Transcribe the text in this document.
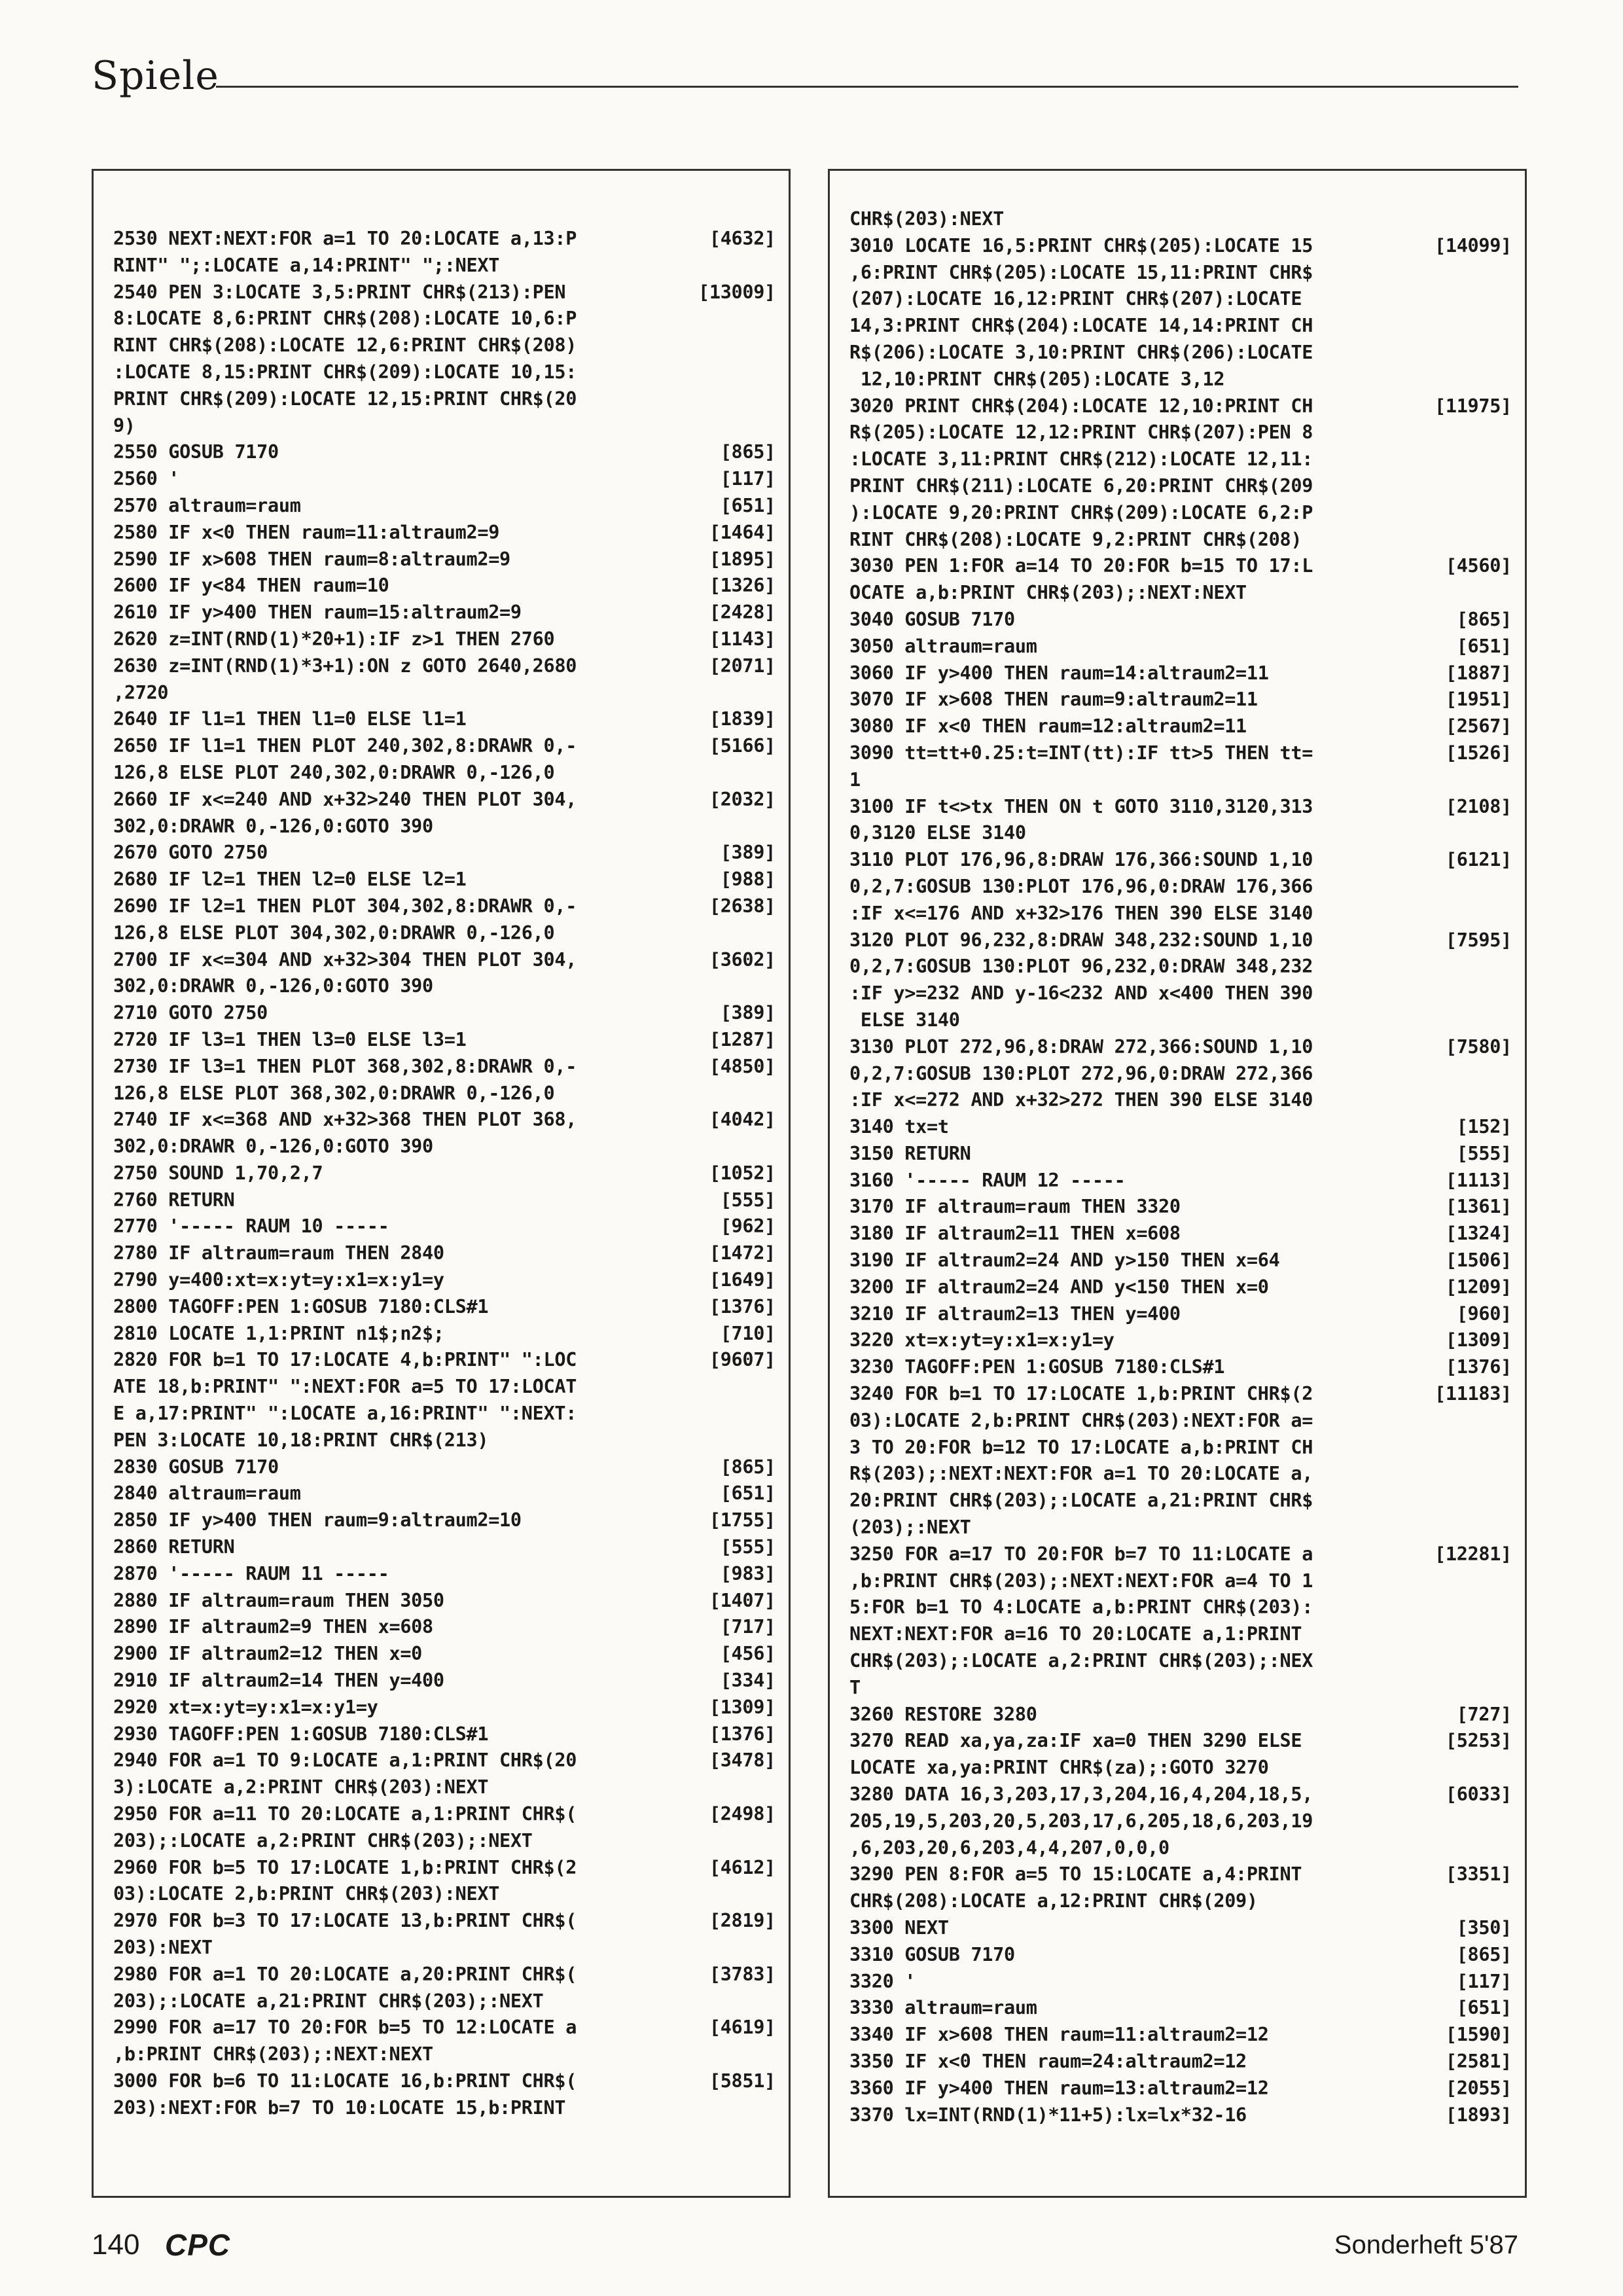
Spiele
2530 NEXT:NEXT:FOR a=1 TO 20:LOCATE a,13:P	[4632]
RINT" ";:LOCATE a,14:PRINT" ";:NEXT
2540 PEN 3:LOCATE 3,5:PRINT CHR$(213):PEN	[13009]
8:LOCATE 8,6:PRINT CHR$(208):LOCATE 10,6:P
RINT CHR$(208):LOCATE 12,6:PRINT CHR$(208)
:LOCATE 8,15:PRINT CHR$(209):LOCATE 10,15:
PRINT CHR$(209):LOCATE 12,15:PRINT CHR$(20
9)
2550 GOSUB 7170	[865]
2560 '	[117]
2570 altraum=raum	[651]
2580 IF x<0 THEN raum=11:altraum2=9	[1464]
2590 IF x>608 THEN raum=8:altraum2=9	[1895]
2600 IF y<84 THEN raum=10	[1326]
2610 IF y>400 THEN raum=15:altraum2=9	[2428]
2620 z=INT(RND(1)*20+1):IF z>1 THEN 2760	[1143]
2630 z=INT(RND(1)*3+1):ON z GOTO 2640,2680	[2071]
,2720
2640 IF l1=1 THEN l1=0 ELSE l1=1	[1839]
2650 IF l1=1 THEN PLOT 240,302,8:DRAWR 0,-	[5166]
126,8 ELSE PLOT 240,302,0:DRAWR 0,-126,0
2660 IF x<=240 AND x+32>240 THEN PLOT 304,	[2032]
302,0:DRAWR 0,-126,0:GOTO 390
2670 GOTO 2750	[389]
2680 IF l2=1 THEN l2=0 ELSE l2=1	[988]
2690 IF l2=1 THEN PLOT 304,302,8:DRAWR 0,-	[2638]
126,8 ELSE PLOT 304,302,0:DRAWR 0,-126,0
2700 IF x<=304 AND x+32>304 THEN PLOT 304,	[3602]
302,0:DRAWR 0,-126,0:GOTO 390
2710 GOTO 2750	[389]
2720 IF l3=1 THEN l3=0 ELSE l3=1	[1287]
2730 IF l3=1 THEN PLOT 368,302,8:DRAWR 0,-	[4850]
126,8 ELSE PLOT 368,302,0:DRAWR 0,-126,0
2740 IF x<=368 AND x+32>368 THEN PLOT 368,	[4042]
302,0:DRAWR 0,-126,0:GOTO 390
2750 SOUND 1,70,2,7	[1052]
2760 RETURN	[555]
2770 '----- RAUM 10 -----	[962]
2780 IF altraum=raum THEN 2840	[1472]
2790 y=400:xt=x:yt=y:x1=x:y1=y	[1649]
2800 TAGOFF:PEN 1:GOSUB 7180:CLS#1	[1376]
2810 LOCATE 1,1:PRINT n1$;n2$;	[710]
2820 FOR b=1 TO 17:LOCATE 4,b:PRINT" ":LOC	[9607]
ATE 18,b:PRINT" ":NEXT:FOR a=5 TO 17:LOCAT
E a,17:PRINT" ":LOCATE a,16:PRINT" ":NEXT:
PEN 3:LOCATE 10,18:PRINT CHR$(213)
2830 GOSUB 7170	[865]
2840 altraum=raum	[651]
2850 IF y>400 THEN raum=9:altraum2=10	[1755]
2860 RETURN	[555]
2870 '----- RAUM 11 -----	[983]
2880 IF altraum=raum THEN 3050	[1407]
2890 IF altraum2=9 THEN x=608	[717]
2900 IF altraum2=12 THEN x=0	[456]
2910 IF altraum2=14 THEN y=400	[334]
2920 xt=x:yt=y:x1=x:y1=y	[1309]
2930 TAGOFF:PEN 1:GOSUB 7180:CLS#1	[1376]
2940 FOR a=1 TO 9:LOCATE a,1:PRINT CHR$(20	[3478]
3):LOCATE a,2:PRINT CHR$(203):NEXT
2950 FOR a=11 TO 20:LOCATE a,1:PRINT CHR$(	[2498]
203);:LOCATE a,2:PRINT CHR$(203);:NEXT
2960 FOR b=5 TO 17:LOCATE 1,b:PRINT CHR$(2	[4612]
03):LOCATE 2,b:PRINT CHR$(203):NEXT
2970 FOR b=3 TO 17:LOCATE 13,b:PRINT CHR$(	[2819]
203):NEXT
2980 FOR a=1 TO 20:LOCATE a,20:PRINT CHR$(	[3783]
203);:LOCATE a,21:PRINT CHR$(203);:NEXT
2990 FOR a=17 TO 20:FOR b=5 TO 12:LOCATE a	[4619]
,b:PRINT CHR$(203);:NEXT:NEXT
3000 FOR b=6 TO 11:LOCATE 16,b:PRINT CHR$(	[5851]
203):NEXT:FOR b=7 TO 10:LOCATE 15,b:PRINT
CHR$(203):NEXT
3010 LOCATE 16,5:PRINT CHR$(205):LOCATE 15	[14099]
,6:PRINT CHR$(205):LOCATE 15,11:PRINT CHR$
(207):LOCATE 16,12:PRINT CHR$(207):LOCATE
14,3:PRINT CHR$(204):LOCATE 14,14:PRINT CH
R$(206):LOCATE 3,10:PRINT CHR$(206):LOCATE
12,10:PRINT CHR$(205):LOCATE 3,12
3020 PRINT CHR$(204):LOCATE 12,10:PRINT CH	[11975]
R$(205):LOCATE 12,12:PRINT CHR$(207):PEN 8
:LOCATE 3,11:PRINT CHR$(212):LOCATE 12,11:
PRINT CHR$(211):LOCATE 6,20:PRINT CHR$(209
):LOCATE 9,20:PRINT CHR$(209):LOCATE 6,2:P
RINT CHR$(208):LOCATE 9,2:PRINT CHR$(208)
3030 PEN 1:FOR a=14 TO 20:FOR b=15 TO 17:L	[4560]
OCATE a,b:PRINT CHR$(203);:NEXT:NEXT
3040 GOSUB 7170	[865]
3050 altraum=raum	[651]
3060 IF y>400 THEN raum=14:altraum2=11	[1887]
3070 IF x>608 THEN raum=9:altraum2=11	[1951]
3080 IF x<0 THEN raum=12:altraum2=11	[2567]
3090 tt=tt+0.25:t=INT(tt):IF tt>5 THEN tt=	[1526]
1
3100 IF t<>tx THEN ON t GOTO 3110,3120,313	[2108]
0,3120 ELSE 3140
3110 PLOT 176,96,8:DRAW 176,366:SOUND 1,10	[6121]
0,2,7:GOSUB 130:PLOT 176,96,0:DRAW 176,366
:IF x<=176 AND x+32>176 THEN 390 ELSE 3140
3120 PLOT 96,232,8:DRAW 348,232:SOUND 1,10	[7595]
0,2,7:GOSUB 130:PLOT 96,232,0:DRAW 348,232
:IF y>=232 AND y-16<232 AND x<400 THEN 390
ELSE 3140
3130 PLOT 272,96,8:DRAW 272,366:SOUND 1,10	[7580]
0,2,7:GOSUB 130:PLOT 272,96,0:DRAW 272,366
:IF x<=272 AND x+32>272 THEN 390 ELSE 3140
3140 tx=t	[152]
3150 RETURN	[555]
3160 '----- RAUM 12 -----	[1113]
3170 IF altraum=raum THEN 3320	[1361]
3180 IF altraum2=11 THEN x=608	[1324]
3190 IF altraum2=24 AND y>150 THEN x=64	[1506]
3200 IF altraum2=24 AND y<150 THEN x=0	[1209]
3210 IF altraum2=13 THEN y=400	[960]
3220 xt=x:yt=y:x1=x:y1=y	[1309]
3230 TAGOFF:PEN 1:GOSUB 7180:CLS#1	[1376]
3240 FOR b=1 TO 17:LOCATE 1,b:PRINT CHR$(2	[11183]
03):LOCATE 2,b:PRINT CHR$(203):NEXT:FOR a=
3 TO 20:FOR b=12 TO 17:LOCATE a,b:PRINT CH
R$(203);:NEXT:NEXT:FOR a=1 TO 20:LOCATE a,
20:PRINT CHR$(203);:LOCATE a,21:PRINT CHR$
(203);:NEXT
3250 FOR a=17 TO 20:FOR b=7 TO 11:LOCATE a	[12281]
,b:PRINT CHR$(203);:NEXT:NEXT:FOR a=4 TO 1
5:FOR b=1 TO 4:LOCATE a,b:PRINT CHR$(203):
NEXT:NEXT:FOR a=16 TO 20:LOCATE a,1:PRINT
CHR$(203);:LOCATE a,2:PRINT CHR$(203);:NEX
T
3260 RESTORE 3280	[727]
3270 READ xa,ya,za:IF xa=0 THEN 3290 ELSE	[5253]
LOCATE xa,ya:PRINT CHR$(za);:GOTO 3270
3280 DATA 16,3,203,17,3,204,16,4,204,18,5,	[6033]
205,19,5,203,20,5,203,17,6,205,18,6,203,19
,6,203,20,6,203,4,4,207,0,0,0
3290 PEN 8:FOR a=5 TO 15:LOCATE a,4:PRINT	[3351]
CHR$(208):LOCATE a,12:PRINT CHR$(209)
3300 NEXT	[350]
3310 GOSUB 7170	[865]
3320 '	[117]
3330 altraum=raum	[651]
3340 IF x>608 THEN raum=11:altraum2=12	[1590]
3350 IF x<0 THEN raum=24:altraum2=12	[2581]
3360 IF y>400 THEN raum=13:altraum2=12	[2055]
3370 lx=INT(RND(1)*11+5):lx=lx*32-16	[1893]
140 CPC	Sonderheft 5'87
